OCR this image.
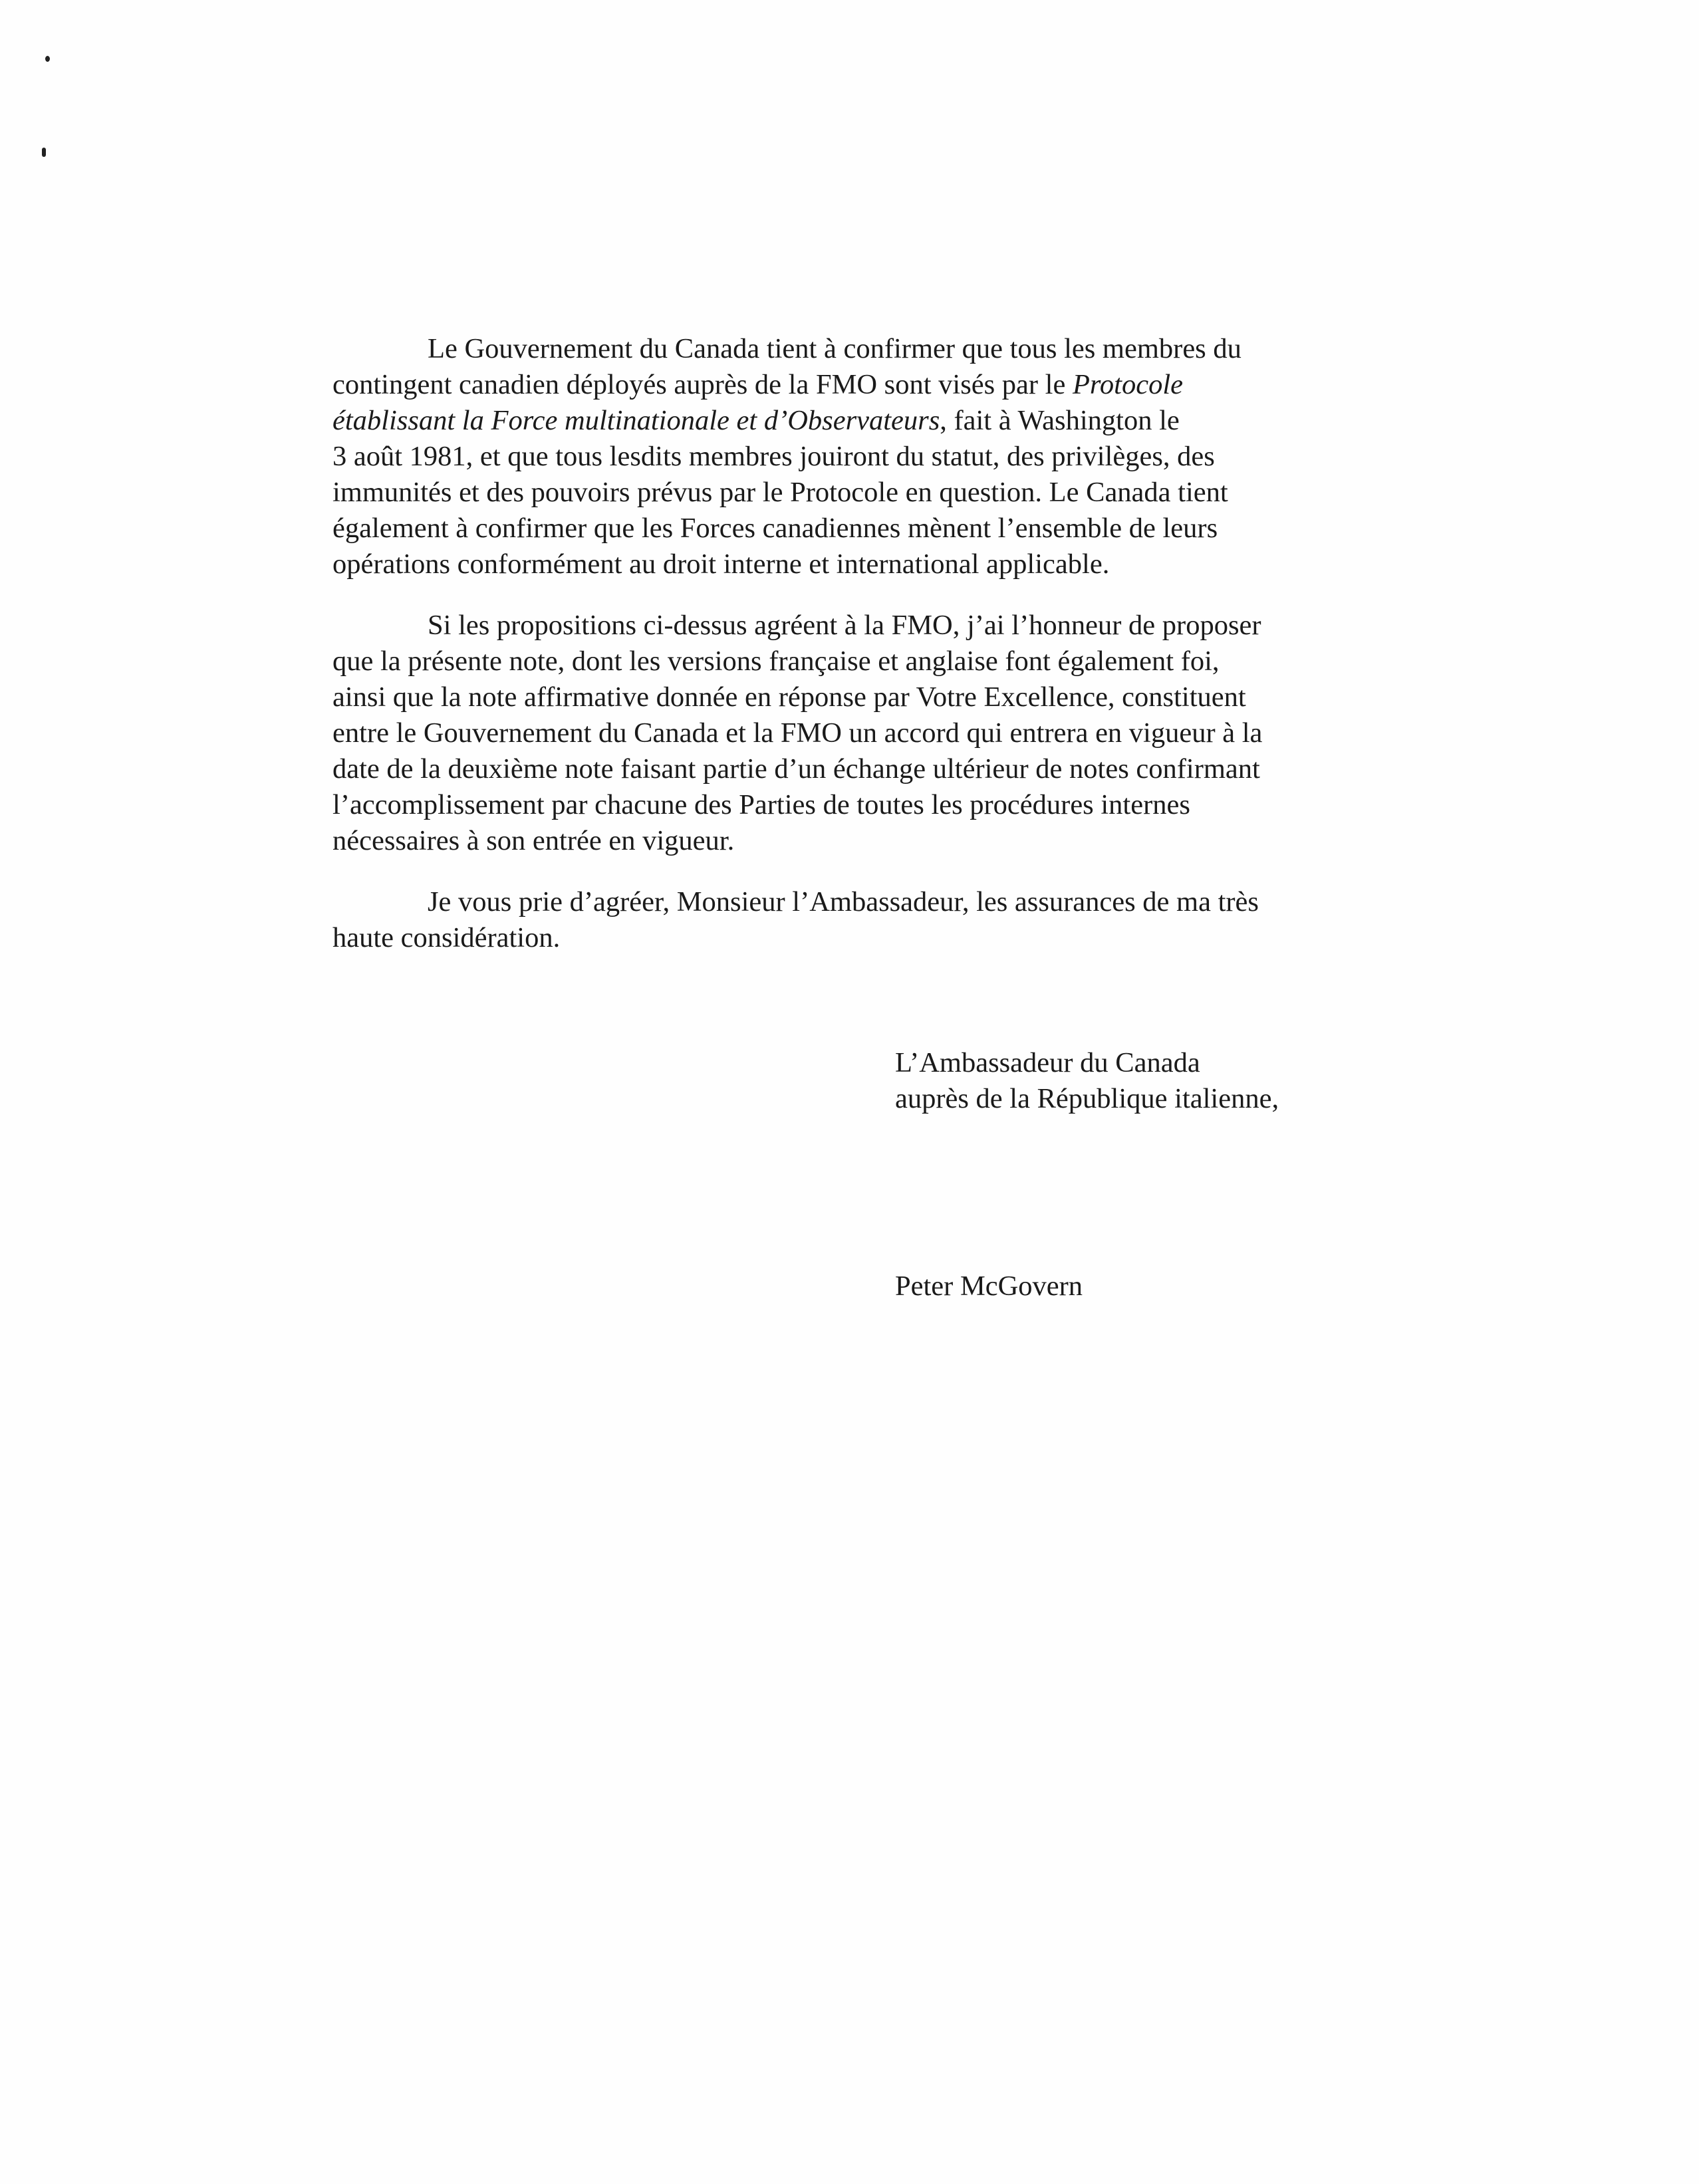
Le Gouvernement du Canada tient à confirmer que tous les membres du
contingent canadien déployés auprès de la FMO sont visés par le Protocole
établissant la Force multinationale et d’Observateurs, fait à Washington le
3 août 1981, et que tous lesdits membres jouiront du statut, des privilèges, des
immunités et des pouvoirs prévus par le Protocole en question. Le Canada tient
également à confirmer que les Forces canadiennes mènent l’ensemble de leurs
opérations conformément au droit interne et international applicable.
Si les propositions ci-dessus agréent à la FMO, j’ai l’honneur de proposer
que la présente note, dont les versions française et anglaise font également foi,
ainsi que la note affirmative donnée en réponse par Votre Excellence, constituent
entre le Gouvernement du Canada et la FMO un accord qui entrera en vigueur à la
date de la deuxième note faisant partie d’un échange ultérieur de notes confirmant
l’accomplissement par chacune des Parties de toutes les procédures internes
nécessaires à son entrée en vigueur.
Je vous prie d’agréer, Monsieur l’Ambassadeur, les assurances de ma très
haute considération.
L’Ambassadeur du Canada
auprès de la République italienne,
Peter McGovern
